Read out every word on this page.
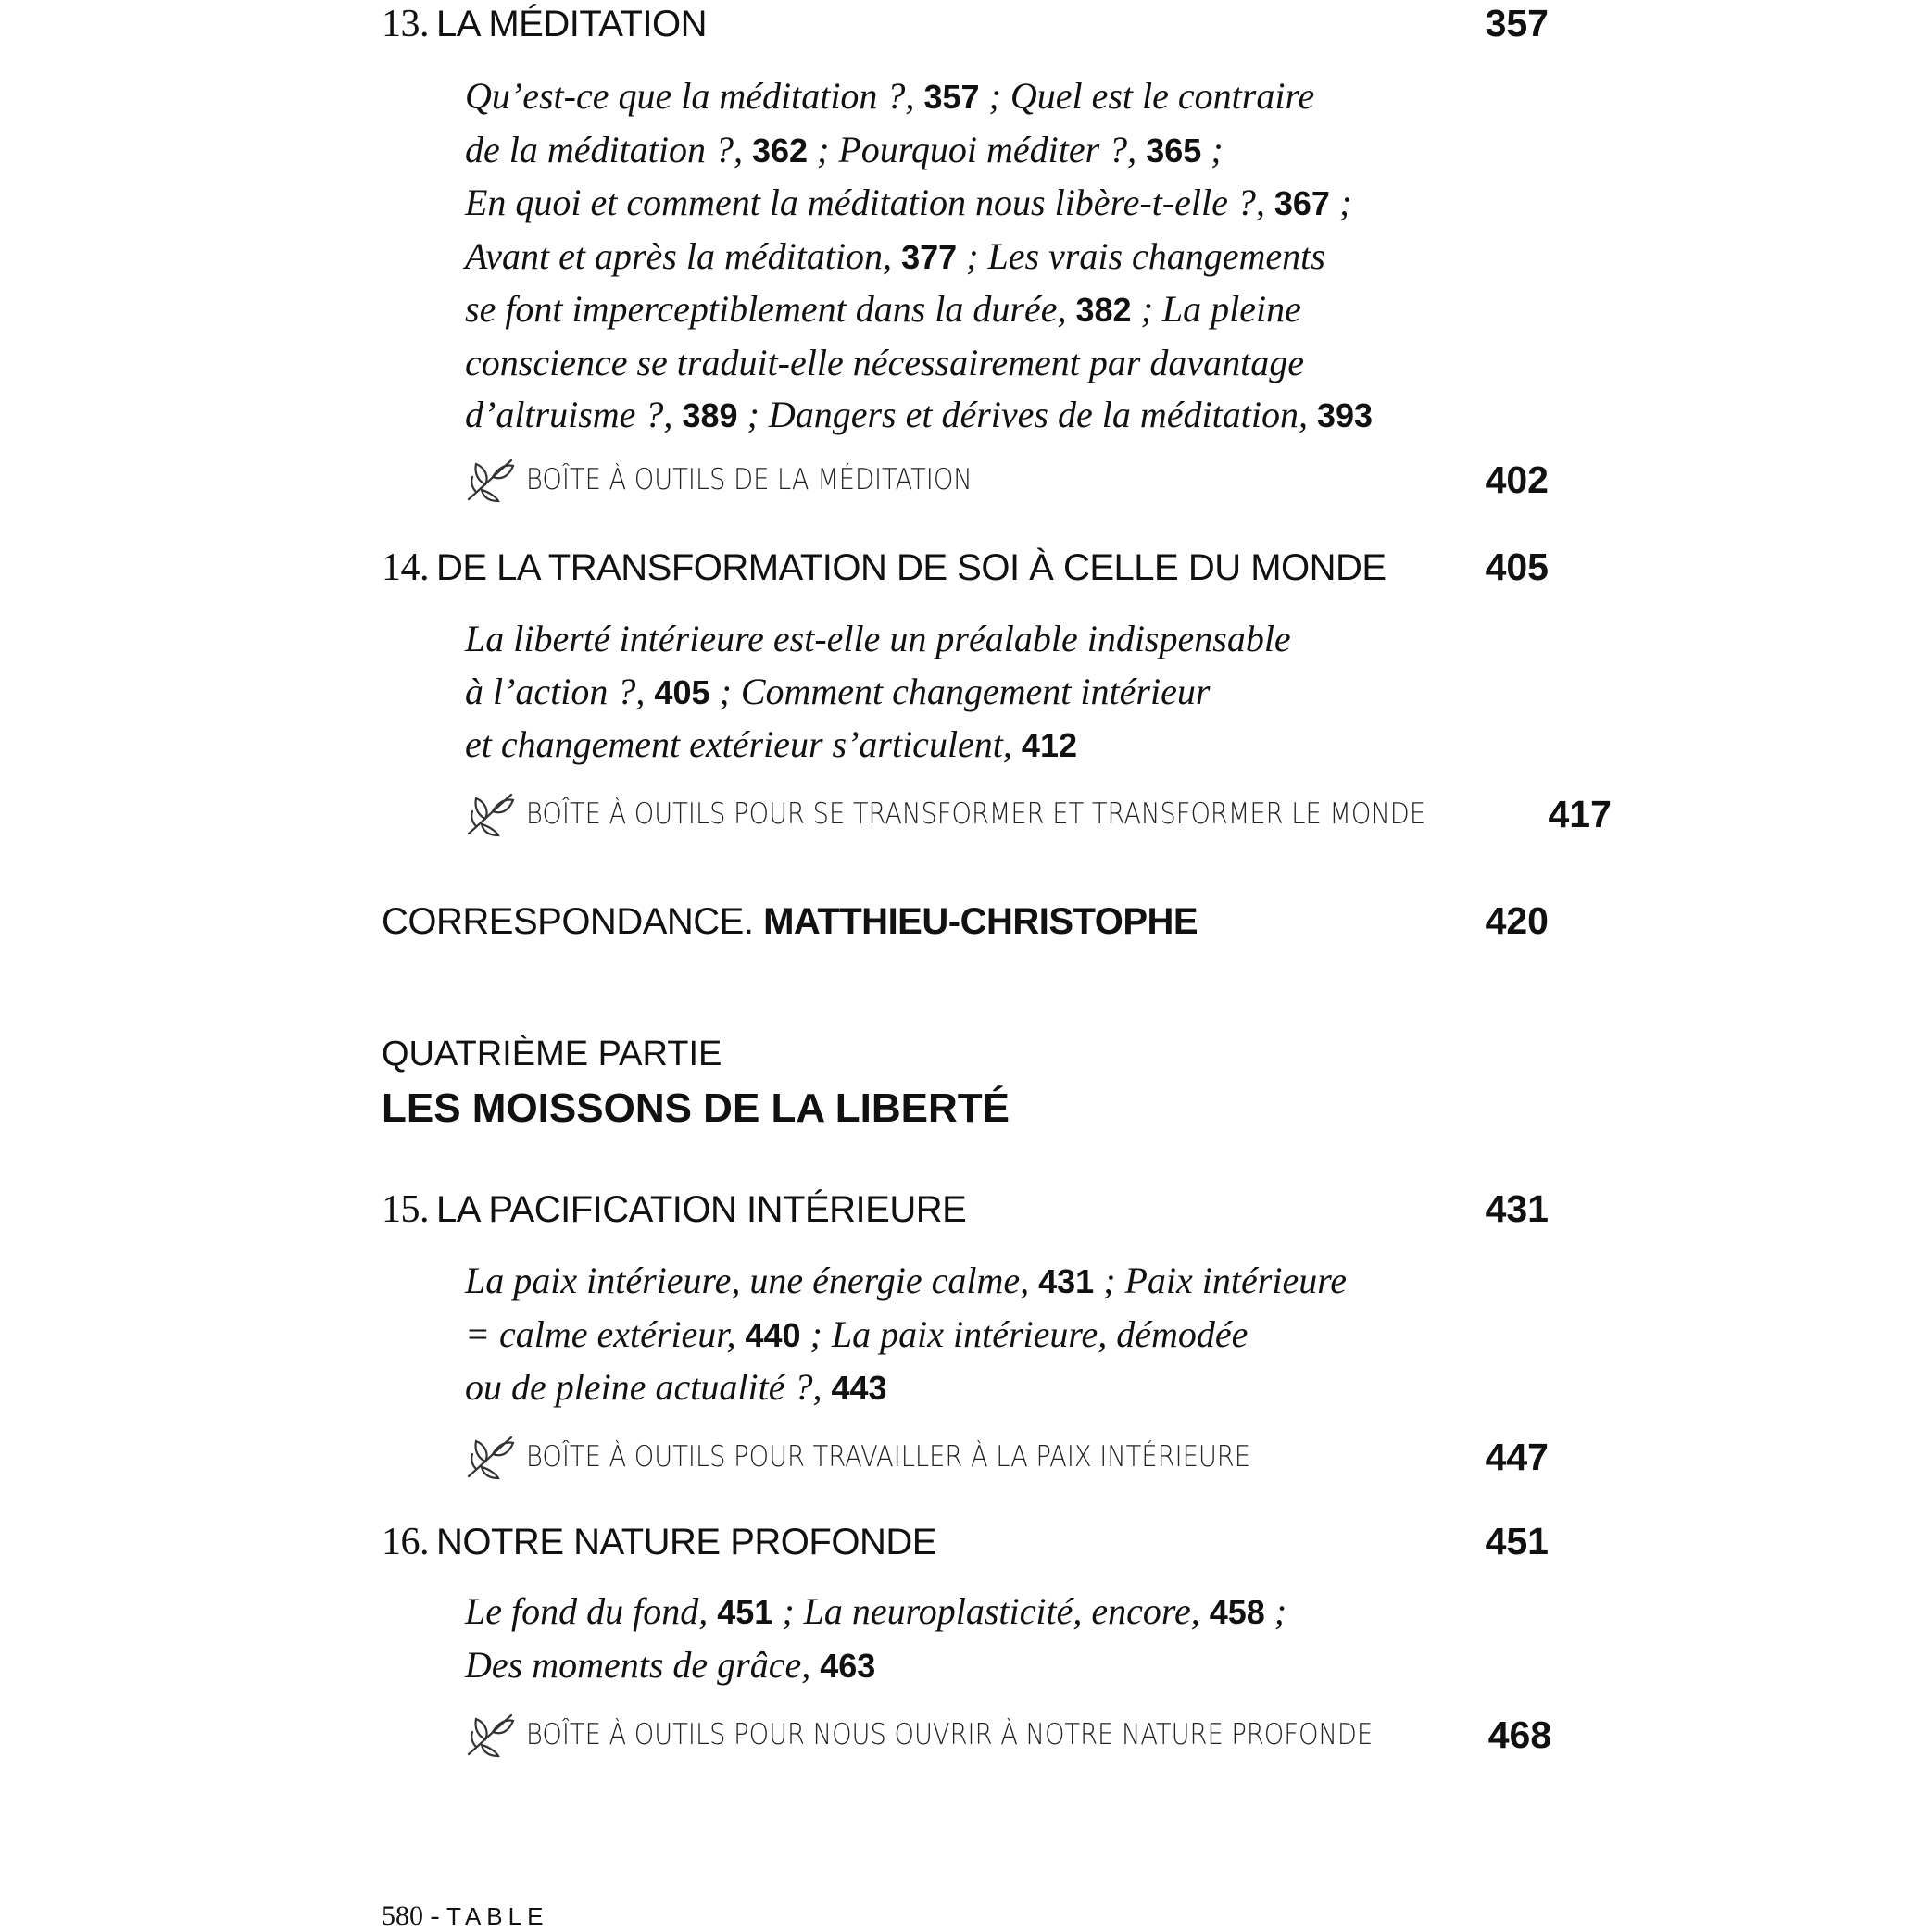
13. LA MÉDITATION	357
Qu’est-ce que la méditation ?, 357 ; Quel est le contraire
de la méditation ?, 362 ; Pourquoi méditer ?, 365 ;
En quoi et comment la méditation nous libère-t-elle ?, 367 ;
Avant et après la méditation, 377 ; Les vrais changements
se font imperceptiblement dans la durée, 382 ; La pleine
conscience se traduit-elle nécessairement par davantage
d’altruisme ?, 389 ; Dangers et dérives de la méditation, 393
BOÎTE À OUTILS DE LA MÉDITATION	402
14. DE LA TRANSFORMATION DE SOI À CELLE DU MONDE	405
La liberté intérieure est-elle un préalable indispensable
à l’action ?, 405 ; Comment changement intérieur
et changement extérieur s’articulent, 412
BOÎTE À OUTILS POUR SE TRANSFORMER ET TRANSFORMER LE MONDE	417
CORRESPONDANCE. MATTHIEU-CHRISTOPHE	420
QUATRIÈME PARTIE
LES MOISSONS DE LA LIBERTÉ
15. LA PACIFICATION INTÉRIEURE	431
La paix intérieure, une énergie calme, 431 ; Paix intérieure
= calme extérieur, 440 ; La paix intérieure, démodée
ou de pleine actualité ?, 443
BOÎTE À OUTILS POUR TRAVAILLER À LA PAIX INTÉRIEURE	447
16. NOTRE NATURE PROFONDE	451
Le fond du fond, 451 ; La neuroplasticité, encore, 458 ;
Des moments de grâce, 463
BOÎTE À OUTILS POUR NOUS OUVRIR À NOTRE NATURE PROFONDE	468
580 - TABLE
